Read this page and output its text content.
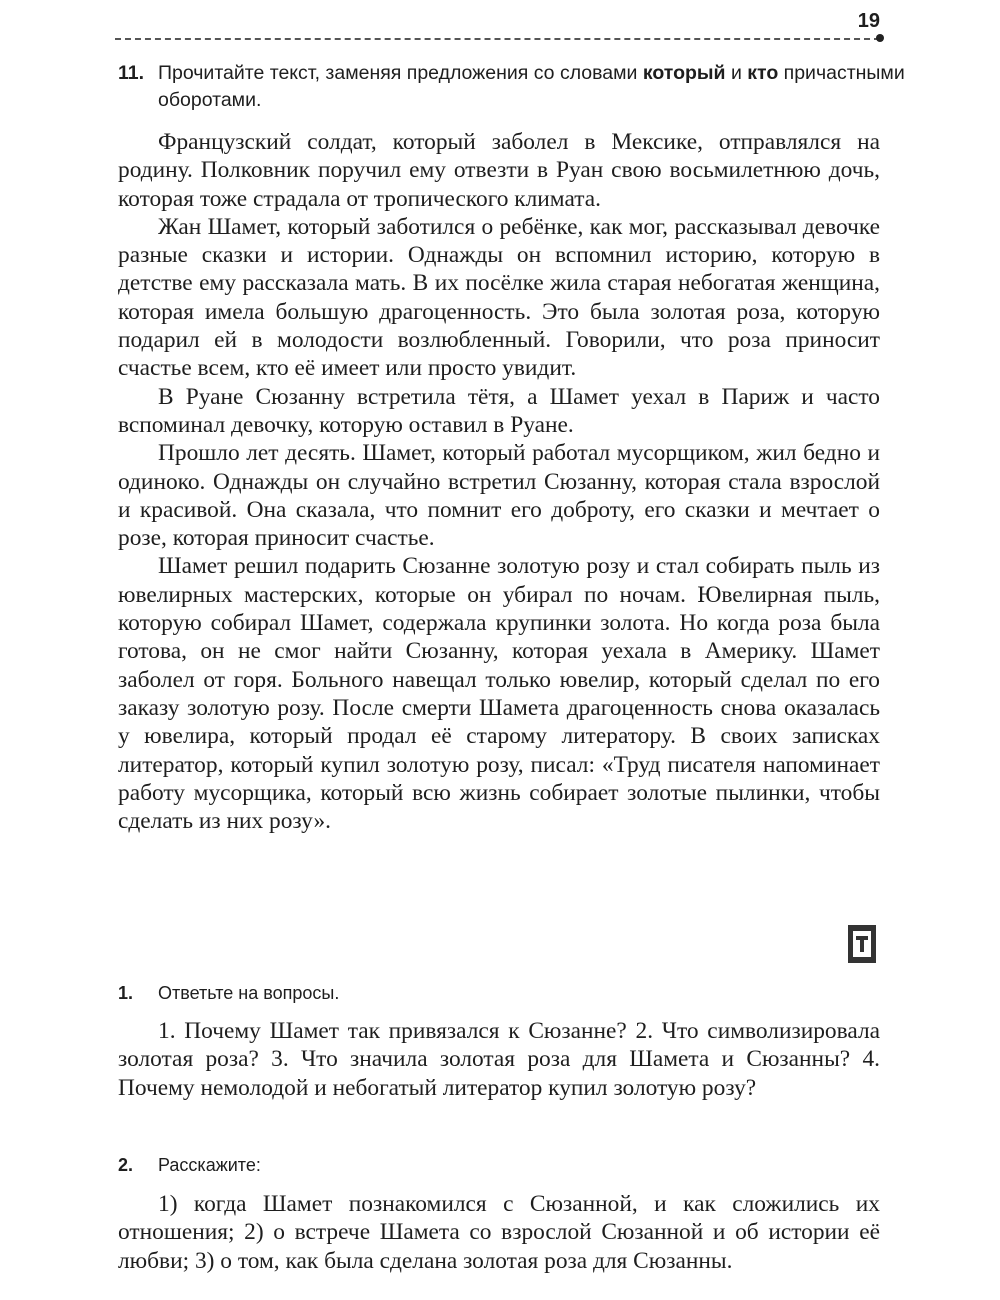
19
11. Прочитайте текст, заменяя предложения со словами который и кто причастными оборотами.

Французский солдат, который заболел в Мексике, отправлялся на родину. Полковник поручил ему отвезти в Руан свою восьмилетнюю дочь, которая тоже страдала от тропического климата.

Жан Шамет, который заботился о ребёнке, как мог, рассказывал девочке разные сказки и истории. Однажды он вспомнил историю, которую в детстве ему рассказала мать. В их посёлке жила старая небогатая женщина, которая имела большую драгоценность. Это была золотая роза, которую подарил ей в молодости возлюбленный. Говорили, что роза приносит счастье всем, кто её имеет или просто увидит.

В Руане Сюзанну встретила тётя, а Шамет уехал в Париж и часто вспоминал девочку, которую оставил в Руане.

Прошло лет десять. Шамет, который работал мусорщиком, жил бедно и одиноко. Однажды он случайно встретил Сюзанну, которая стала взрослой и красивой. Она сказала, что помнит его доброту, его сказки и мечтает о розе, которая приносит счастье.

Шамет решил подарить Сюзанне золотую розу и стал собирать пыль из ювелирных мастерских, которые он убирал по ночам. Ювелирная пыль, которую собирал Шамет, содержала крупинки золота. Но когда роза была готова, он не смог найти Сюзанну, которая уехала в Америку. Шамет заболел от горя. Больного навещал только ювелир, который сделал по его заказу золотую розу. После смерти Шамета драгоценность снова оказалась у ювелира, который продал её старому литератору. В своих записках литератор, который купил золотую розу, писал: «Труд писателя напоминает работу мусорщика, который всю жизнь собирает золотые пылинки, чтобы сделать из них розу».

1. Ответьте на вопросы.

1. Почему Шамет так привязался к Сюзанне? 2. Что символизировала золотая роза? 3. Что значила золотая роза для Шамета и Сюзанны? 4. Почему немолодой и небогатый литератор купил золотую розу?

2. Расскажите:

1) когда Шамет познакомился с Сюзанной, и как сложились их отношения; 2) о встрече Шамета со взрослой Сюзанной и об истории её любви; 3) о том, как была сделана золотая роза для Сюзанны.
